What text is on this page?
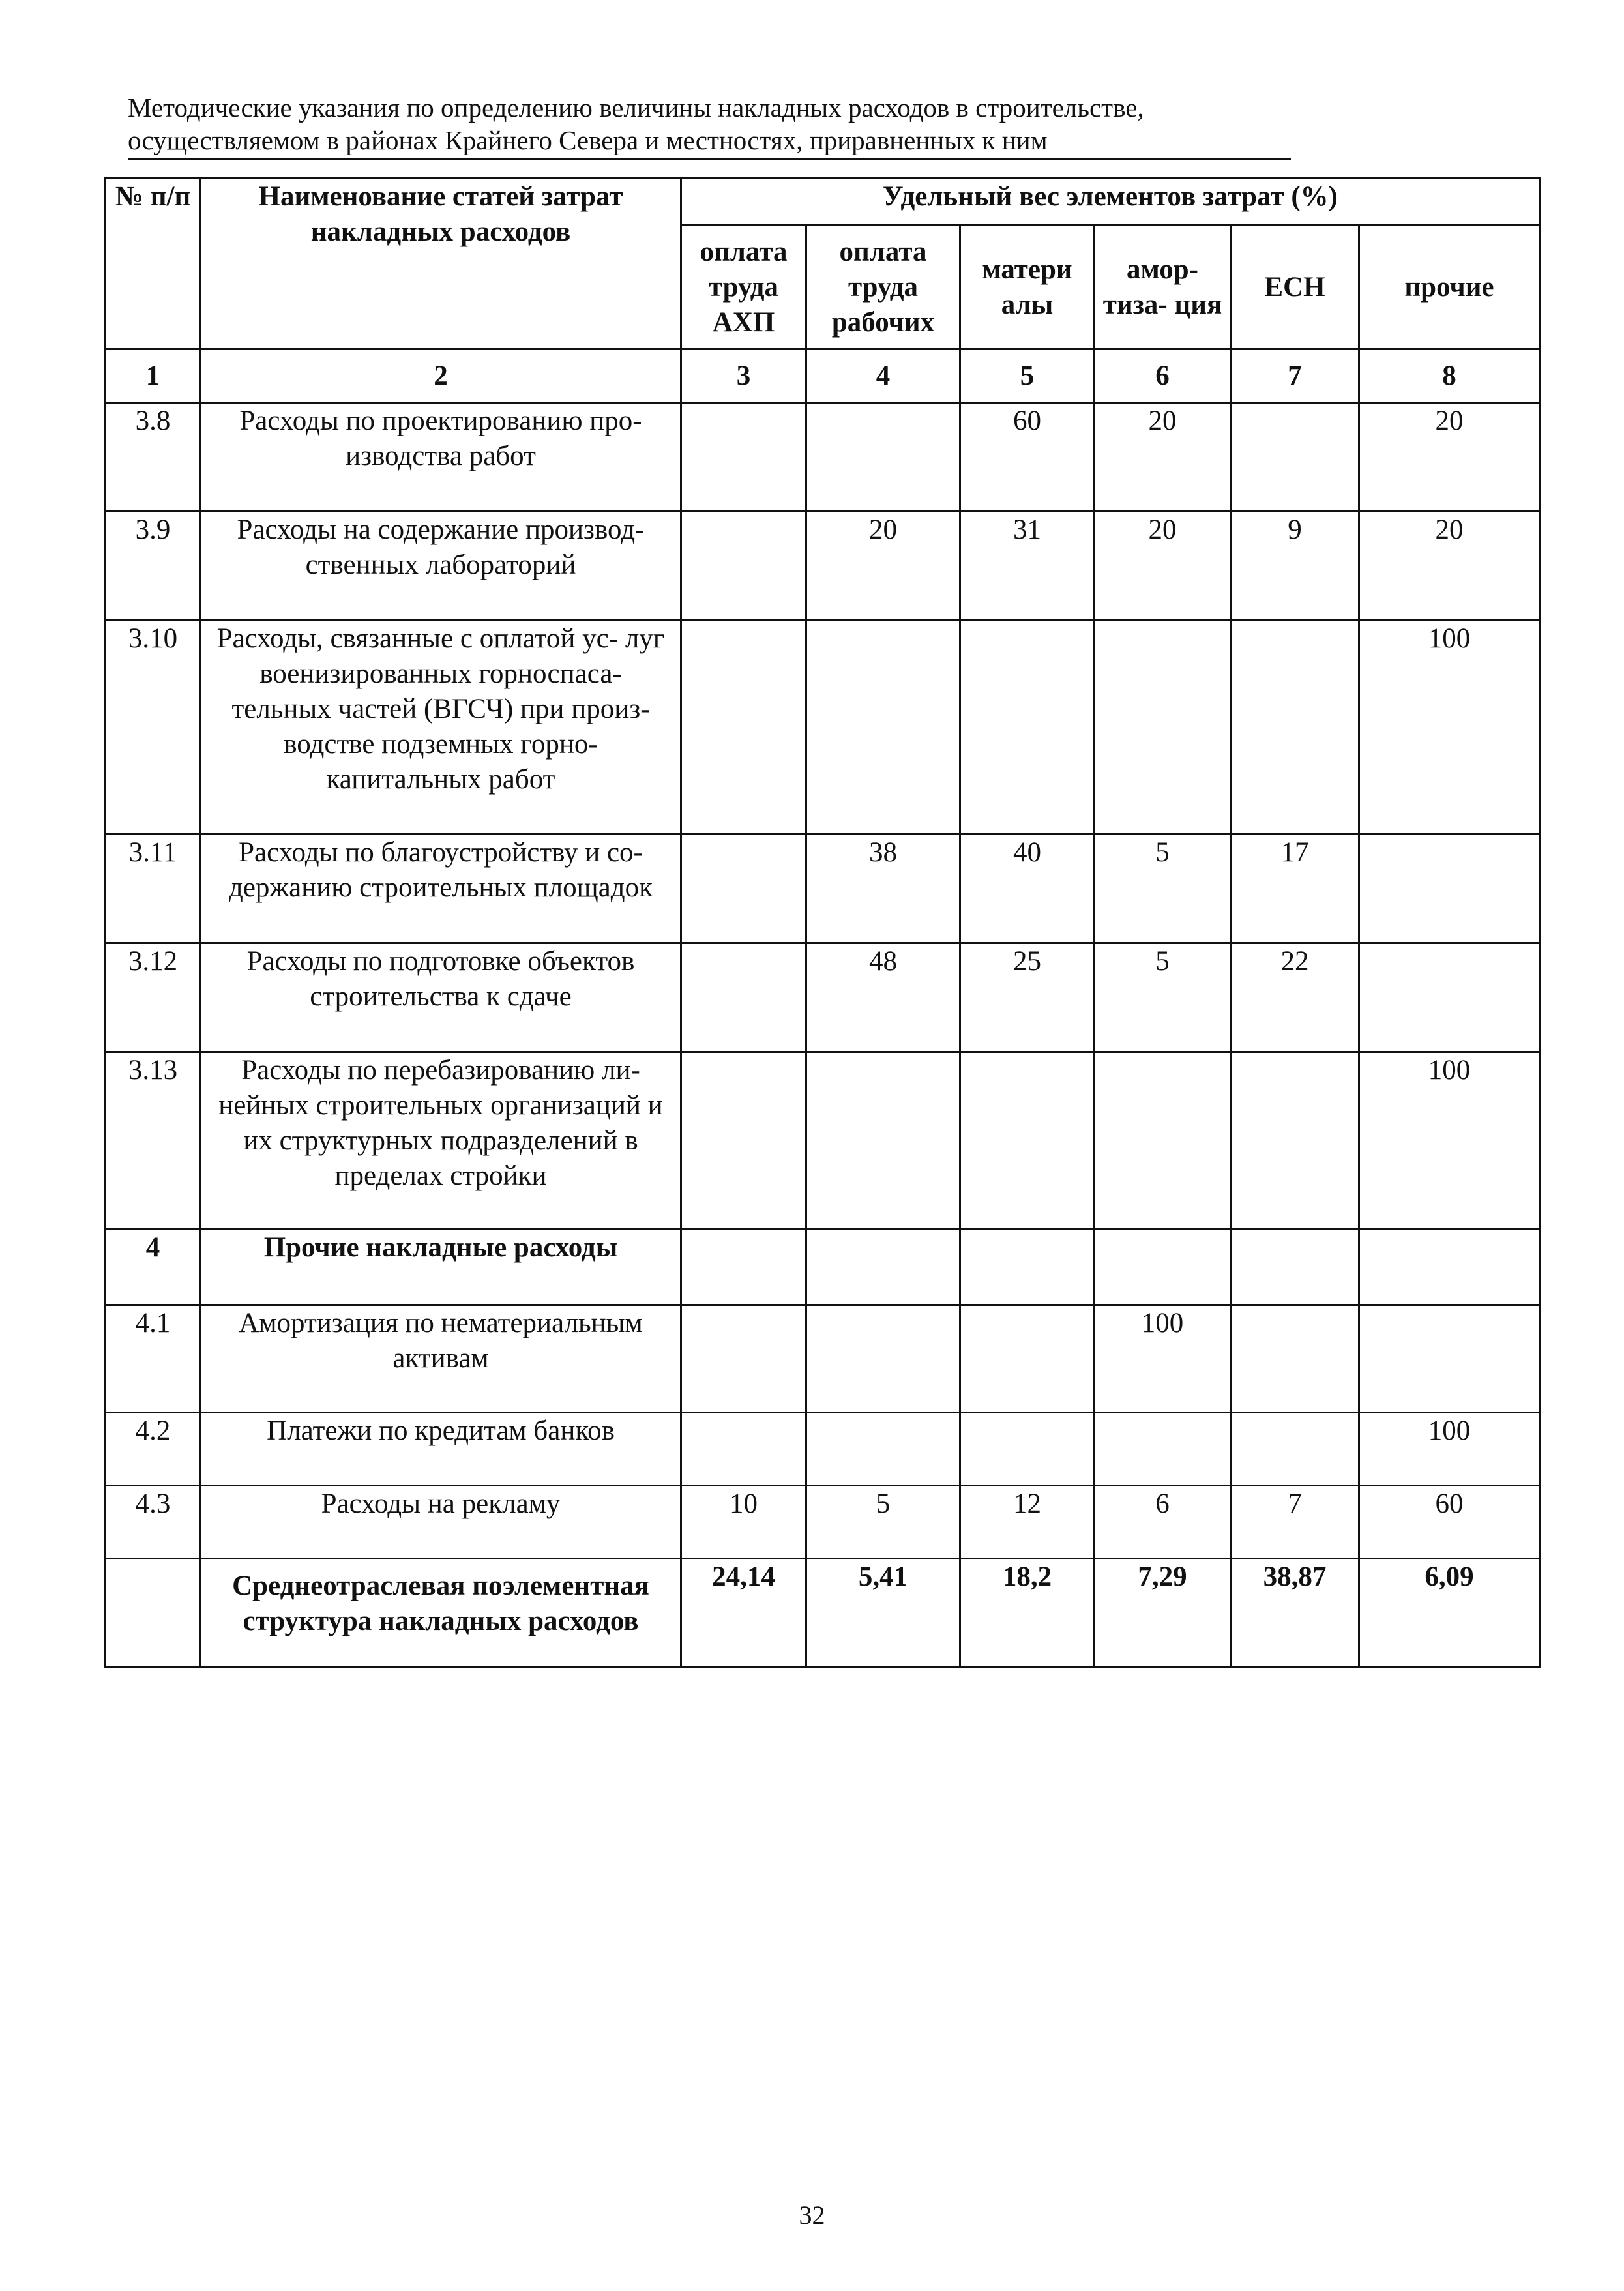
Методические указания по определению величины накладных расходов в строительстве,
осуществляемом в районах Крайнего Севера и местностях, приравненных к ним
№ п/п	Наименование статей затрат накладных расходов	Удельный вес элементов затрат (%)					
		оплата труда АХП	оплата труда рабочих	матери алы	амор- тиза- ция	ЕСН	прочие
1	2	3	4	5	6	7	8
3.8	Расходы по проектированию про- изводства работ			60	20		20
3.9	Расходы на содержание производ- ственных лабораторий		20	31	20	9	20
3.10	Расходы, связанные с оплатой ус- луг военизированных горноспаса- тельных частей (ВГСЧ) при произ- водстве подземных горно- капитальных работ						100
3.11	Расходы по благоустройству и со- держанию строительных площадок		38	40	5	17	
3.12	Расходы по подготовке объектов строительства к сдаче		48	25	5	22	
3.13	Расходы по перебазированию ли- нейных строительных организаций и их структурных подразделений в пределах стройки						100
4	Прочие накладные расходы						
4.1	Амортизация по нематериальным активам				100		
4.2	Платежи по кредитам банков						100
4.3	Расходы на рекламу	10	5	12	6	7	60
	Среднеотраслевая поэлементная структура накладных расходов	24,14	5,41	18,2	7,29	38,87	6,09
32
